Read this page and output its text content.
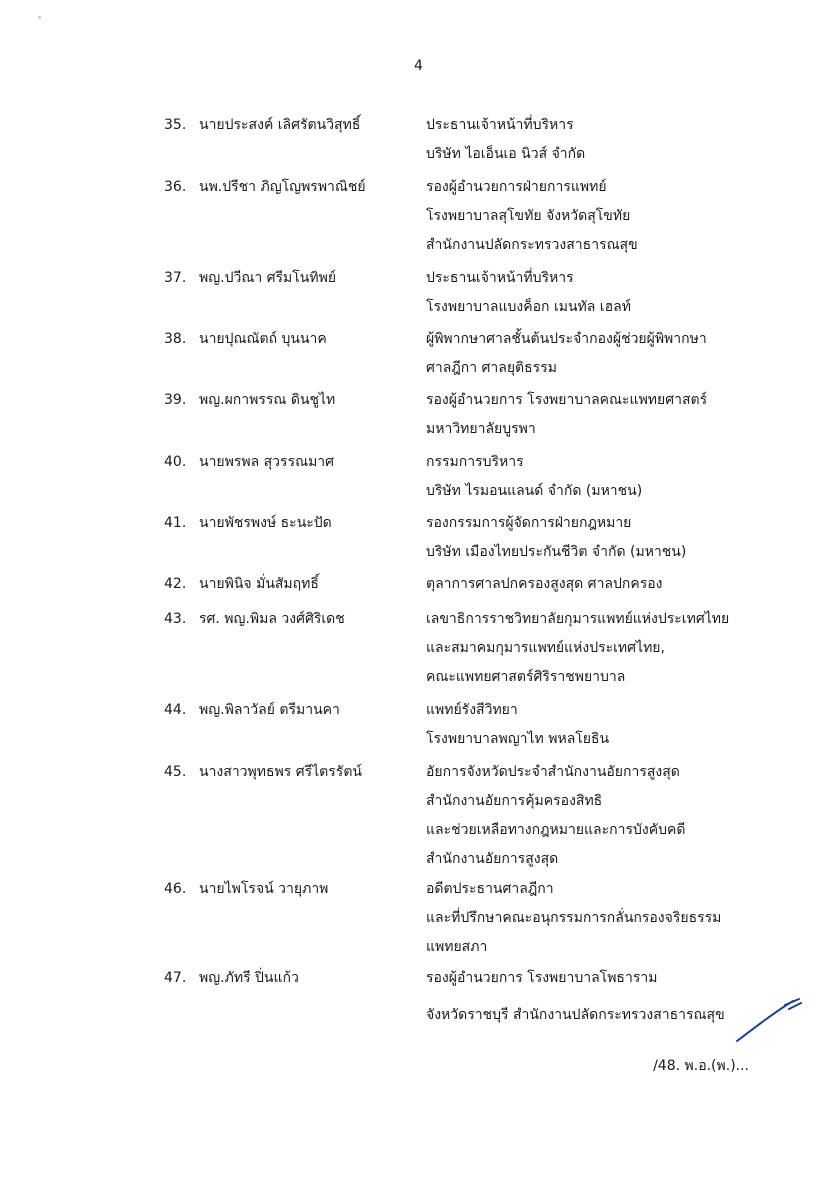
4
35. นายประสงค์ เลิศรัตนวิสุทธิ์	ประธานเจ้าหน้าที่บริหาร
บริษัท ไอเอ็นเอ นิวส์ จำกัด
36. นพ.ปรีชา ภิญโญพรพาณิชย์	รองผู้อำนวยการฝ่ายการแพทย์
โรงพยาบาลสุโขทัย จังหวัดสุโขทัย
สำนักงานปลัดกระทรวงสาธารณสุข
37. พญ.ปวีณา ศรีมโนทิพย์	ประธานเจ้าหน้าที่บริหาร
โรงพยาบาลแบงค็อก เมนทัล เฮลท์
38. นายปุณณัตถ์ บุนนาค	ผู้พิพากษาศาลชั้นต้นประจำกองผู้ช่วยผู้พิพากษา
ศาลฎีกา ศาลยุติธรรม
39. พญ.ผกาพรรณ ดินชูไท	รองผู้อำนวยการ โรงพยาบาลคณะแพทยศาสตร์
มหาวิทยาลัยบูรพา
40. นายพรพล สุวรรณมาศ	กรรมการบริหาร
บริษัท ไรมอนแลนด์ จำกัด (มหาชน)
41. นายพัชรพงษ์ ธะนะปัด	รองกรรมการผู้จัดการฝ่ายกฎหมาย
บริษัท เมืองไทยประกันชีวิต จำกัด (มหาชน)
42. นายพินิจ มั่นสัมฤทธิ์	ตุลาการศาลปกครองสูงสุด ศาลปกครอง
43. รศ. พญ.พิมล วงศ์ศิริเดช	เลขาธิการราชวิทยาลัยกุมารแพทย์แห่งประเทศไทย
และสมาคมกุมารแพทย์แห่งประเทศไทย,
คณะแพทยศาสตร์ศิริราชพยาบาล
44. พญ.พิลาวัลย์ ตรีมานคา	แพทย์รังสีวิทยา
โรงพยาบาลพญาไท พหลโยธิน
45. นางสาวพุทธพร ศรีไตรรัตน์	อัยการจังหวัดประจำสำนักงานอัยการสูงสุด
สำนักงานอัยการคุ้มครองสิทธิ
และช่วยเหลือทางกฎหมายและการบังคับคดี
สำนักงานอัยการสูงสุด
46. นายไพโรจน์ วายุภาพ	อดีตประธานศาลฎีกา
และที่ปรึกษาคณะอนุกรรมการกลั่นกรองจริยธรรม
แพทยสภา
47. พญ.ภัทรี ปิ่นแก้ว	รองผู้อำนวยการ โรงพยาบาลโพธาราม
จังหวัดราชบุรี สำนักงานปลัดกระทรวงสาธารณสุข
/48. พ.อ.(พ.)...
